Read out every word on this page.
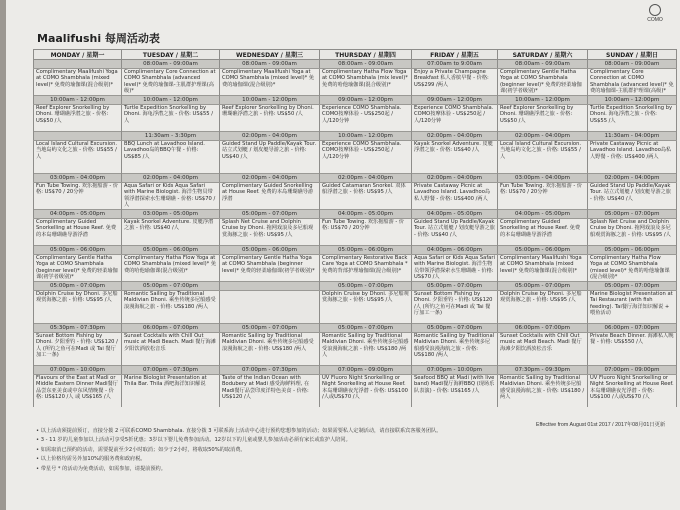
Maalifushi 每周活动表
COMO
MONDAY / 星期一	TUESDAY / 星期二	WEDNESDAY / 星期三	THURSDAY / 星期四	FRIDAY / 星期五	SATURDAY / 星期六	SUNDAY / 星期日
	08:00am - 09:00am	08:00am - 09:00am	08:00am - 09:00am	07:00am to 9:00am	08:00am - 09:00am	08:00am - 09:00am
Complimentary Maalifushi Yoga at COMO Shambhala (mixed level)* 免费的瑜伽课(混合级别)*	Complimentary Core Connection at COMO Shambhala (advanced level)* 免费的瑜伽课-主肌群护理课(高级)*	Complimentary Maalifushi Yoga at COMO Shambhala (mixed level)* 免费的瑜伽课(混合级别)*	Complimentary Hatha Flow Yoga at COMO Shambhala (mix level)* 免费的哈他瑜伽课(混合级别)*	Enjoy a Private Champagne Breakfast 私人香槟早餐 - 价格: US$299 /两人	Complimentary Gentle Hatha Yoga at COMO Shambhala (beginner level)* 免费的轻柔瑜伽课(初学者级别)*	Complimentary Core Connection at COMO Shambhala (advanced level)* 免费的瑜伽课-主肌群护理课(高级)*
10:00am - 12:00pm	10:00am - 12:00pm	10:00am - 12:00pm	09:00am - 12:00pm	09:00am - 12:00pm	10:00am - 12:00pm	10:00am - 12:00pm
Reef Explorer Snorkelling by Dhoni. 珊瑚礁浮潜之旅 - 价格: US$50 /人	Turtle Expedition Snorkelling by Dhoni. 海龟浮潜之旅 - 价格: US$55 /人	Reef Explorer Snorkelling by Dhoni. 珊瑚礁浮潜之旅 - 价格: US$50 /人	Experience COMO Shambhala. COMO按摩体验 - US$250起 /人/120分钟	Experience COMO Shambhala. COMO按摩体验 - US$250起 /人/120分钟	Reef Explorer Snorkelling by Dhoni. 珊瑚礁浮潜之旅 - 价格: US$50 /人	Turtle Expedition Snorkelling by Dhoni. 海龟浮潜之旅 - 价格: US$55 /人
	11:30am - 3:30pm	02:00pm - 04:00pm	10:00am - 12:00pm	02:00pm - 04:00pm	02:00pm - 04:00pm	11:30am - 04:00pm
Local Island Cultural Excursion. 当地岛屿文化之旅 - 价格: US$55 /人	BBQ Lunch at Lavadhoo Island. Lavadhoo岛的BBQ午餐 - 价格: US$85 /人	Guided Stand Up Paddle/Kayak Tour. 站立式划艇 / 划皮艇导游之旅 - 价格: US$40 /人	Experience COMO Shambhala. COMO按摩体验 - US$250起 /人/120分钟	Kayak Snorkel Adventure. 皮艇浮潜之旅 - 价格: US$40 /人	Local Island Cultural Excursion. 当地岛屿文化之旅 - 价格: US$55 /人	Private Castaway Picnic at Lavadhoo Island. Lavadhoo岛私人野餐 - 价格: US$400 /两人
03:00pm - 04:00pm	02:00pm - 04:00pm	02:00pm - 04:00pm	02:00pm - 04:00pm	02:00pm - 04:00pm	03:00pm - 04:00pm	02:00pm - 04:00pm
Fun Tube Towing. 欢乐拖船游 - 价格: US$70 / 20分钟	Aqua Safari or Kids Aqua Safari with Marine Biologist. 海洋生物员带领浮潜探索水生珊瑚礁 - 价格: US$70 /人	Complimentary Guided Snorkelling at House Reef. 免费的本岛珊瑚礁导游浮潜	Guided Catamaran Snorkel. 双体船浮潜之旅 - 价格: US$95 /人	Private Castaway Picnic at Lavadhoo Island. Lavadhoo岛私人野餐 - 价格: US$400 /两人	Fun Tube Towing. 欢乐拖船游 - 价格: US$70 / 20分钟	Guided Stand Up Paddle/Kayak Tour. 站立式划艇 / 划皮艇导游之旅 - 价格: US$40 /人
04:00pm - 05:00pm	03:00pm - 05:00pm	05:00pm - 07:00pm	04:00pm - 05:00pm	04:00pm - 05:00pm	04:00pm - 05:00pm	05:00pm - 07:00pm
Complimentary Guided Snorkelling at House Reef. 免费的本岛珊瑚礁导游浮潜	Kayak Snorkel Adventure. 皮艇浮潜之旅 - 价格: US$40 /人	Splash Net Cruise and Dolphin Cruise by Dhoni. 拖网戏浪及多尼船观赏海豚之旅 - 价格: US$95 /人	Fun Tube Towing. 欢乐拖船游 - 价格: US$70 / 20分钟	Guided Stand Up Paddle/Kayak Tour. 站立式划艇 / 划皮艇导游之旅 - 价格: US$40 /人	Complimentary Guided Snorkelling at House Reef. 免费的本岛珊瑚礁导游浮潜	Splash Net Cruise and Dolphin Cruise by Dhoni. 拖网戏浪及多尼船观赏海豚之旅 - 价格: US$95 /人
05:00pm - 06:00pm	05:00pm - 06:00pm	05:00pm - 06:00pm	05:00pm - 06:00pm	04:00pm - 06:00pm	05:00pm - 06:00pm	05:00pm - 06:00pm
Complimentary Gentle Hatha Yoga at COMO Shambhala (beginner level)* 免费的轻柔瑜伽课(初学者级别)*	Complimentary Hatha Flow Yoga at COMO Shambhala (mixed level)* 免费的哈他瑜伽课(混合级别)*	Complimentary Gentle Hatha Yoga at COMO Shambhala (beginner level)* 免费的轻柔瑜伽课(初学者级别)*	Complimentary Restorative Back Care Yoga at COMO Shambhala * 免费的背部护理瑜伽课(混合级别)*	Aqua Safari or Kids Aqua Safari with Marine Biologist. 海洋生物员带领浮潜探索水生珊瑚礁 - 价格: US$70 /人	Complimentary Maalifushi Yoga at COMO Shambhala (mixed level)* 免费的瑜伽课(混合级别)*	Complimentary Hatha Flow Yoga at COMO Shambhala (mixed level)* 免费的哈他瑜伽课(混合级别)*
05:00pm - 07:00pm	05:00pm - 07:00pm		05:00pm - 07:00pm	05:00pm - 07:00pm	05:00pm - 07:00pm	05:00pm - 07:00pm
Dolphin Cruise by Dhoni. 多尼船观赏海豚之旅 - 价格: US$95 /人	Romantic Sailing by Traditional Maldivian Dhoni. 乘坐传统多尼船感受浪漫海航之旅 - 价格: US$180 /两人		Dolphin Cruise by Dhoni. 多尼船观赏海豚之旅 - 价格: US$95 /人	Sunset Bottom Fishing by Dhoni. 夕阳垂钓 - 价格: US$120 /人 (所钓之鱼可在Madi 或 Tai 餐厅加工一条)	Dolphin Cruise by Dhoni. 多尼船观赏海豚之旅 - 价格: US$95 /人	Marine Biologist Presentation at Tai Restaurant (with fish feeding). Tai餐厅海洋知识解说 + 喂鱼活动
05:30pm - 07:30pm	06:00pm - 07:00pm	05:00pm - 07:00pm	05:00pm - 07:00pm	05:00pm - 07:00pm	06:00pm - 07:00pm	06:00pm - 07:00pm
Sunset Bottom Fishing by Dhoni. 夕阳垂钓 - 价格: US$120 /人 (所钓之鱼可在Madi 或 Tai 餐厅加工一条)	Sunset Cocktails with Chill Out music at Madi Beach. Madi 餐厅海滩夕阳饮酒放松音乐	Romantic Sailing by Traditional Maldivian Dhoni. 乘坐传统多尼船感受浪漫海航之旅 - 价格: US$180 /两人	Romantic Sailing by Traditional Maldivian Dhoni. 乘坐传统多尼船感受浪漫海航之旅 - 价格: US$180 /两人	Romantic Sailing by Traditional Maldivian Dhoni. 乘坐传统多尼船感受浪漫海航之旅 - 价格: US$180 /两人	Sunset Cocktails with Chill Out music at Madi Beach. Madi 餐厅海滩夕阳饮酒放松音乐	Private Beach Dinner. 海滩私人晚餐 - 价格: US$550 /人
07:00pm - 10:00pm	07:00pm - 07:30pm	07:00pm - 07:30pm	07:00pm - 09:00pm	07:00pm - 10:00pm	07:30pm - 09:30pm	07:00pm - 09:00pm
Flavours of the East at Madi or Middle Eastern Dinner Madi餐厅品尝东亚美食或中东风情晚餐 - 价格: US$120 /人 或 US$165 /人	Marine Biologist Presentation at Thila Bar. Thila 酒吧海洋知识解说	Taste of the Indian Ocean with Bodubery at Madi 感受海鲜料理, 在Madi餐厅品尝印度洋特色美食 - 价格: US$120 /人	UV Fluoro Night Snorkelling or Night Snorkelling at House Reef. 本岛珊瑚礁夜光浮潜 - 价格: US$100 /人或US$70 /人	Seafood BBQ at Madi (with live band) Madi餐厅海鲜BBQ (现场乐队表演) - 价格: US$165 /人	Romantic Sailing by Traditional Maldivian Dhoni. 乘坐传统多尼船感受浪漫海航之旅 - 价格: US$180 /两人	UV Fluoro Night Snorkelling or Night Snorkelling at House Reef. 本岛珊瑚礁夜光浮潜 - 价格: US$100 /人或US$70 /人
Effective from August 01st 2017 / 2017年08月01日更新
• 以上活动须提前预订，直接分拨 2 可联系COMO Shambhala. 直接分拨 3 可联系海上活动中心进行预约您想参加的活动；如果需要私人定制活动，请直接联系宾客服务团队。
• 3 - 11 岁的儿童参加以上活动可享受5折优惠；3岁以下婴儿免费参加活动。12岁以下的儿童或婴儿参加活动必须有家长或监护人陪同。
• 如需取消已预约的活动，需要提前至少2小时取消；如少于2小时，将收取50%的取消费。
• 以上价格均需另外加10%的服务费和政府税。
• 带星号 * 的活动为免费活动，如需参加，请提前预约。
